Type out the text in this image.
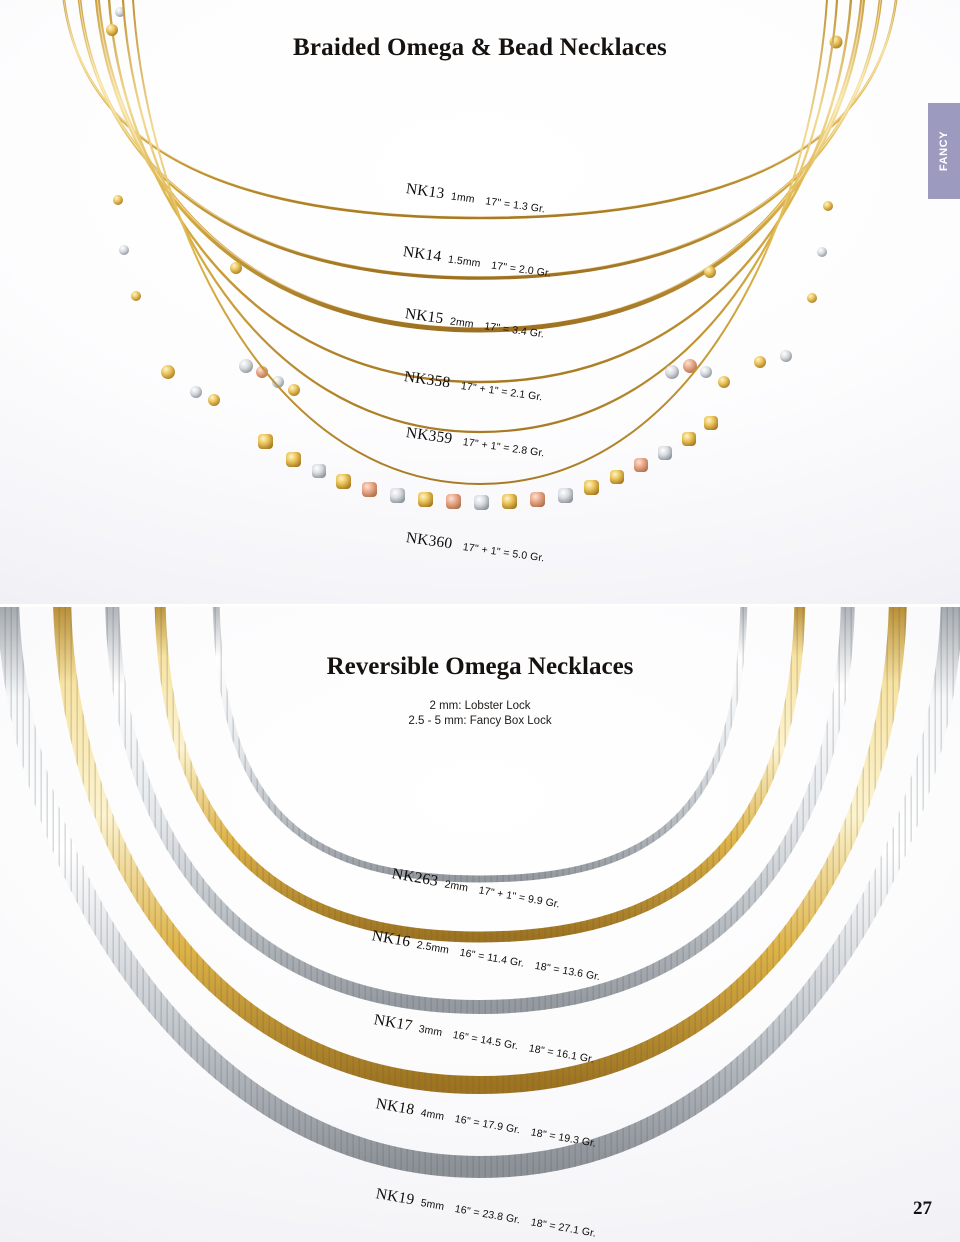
Braided Omega & Bead Necklaces
FANCY
NK13 1mm 17" = 1.3 Gr.
NK14 1.5mm 17" = 2.0 Gr.
NK15 2mm 17" = 3.4 Gr.
NK35817" + 1" = 2.1 Gr.
NK35917" + 1" = 2.8 Gr.
NK36017" + 1" = 5.0 Gr.
Reversible Omega Necklaces
2 mm: Lobster Lock
2.5 - 5 mm: Fancy Box Lock
NK263 2mm 17" + 1" = 9.9 Gr.
NK16 2.5mm 16" = 11.4 Gr.18" = 13.6 Gr.
NK17 3mm 16" = 14.5 Gr.18" = 16.1 Gr.
NK18 4mm 16" = 17.9 Gr.18" = 19.3 Gr.
NK19 5mm 16" = 23.8 Gr.18" = 27.1 Gr.
27
